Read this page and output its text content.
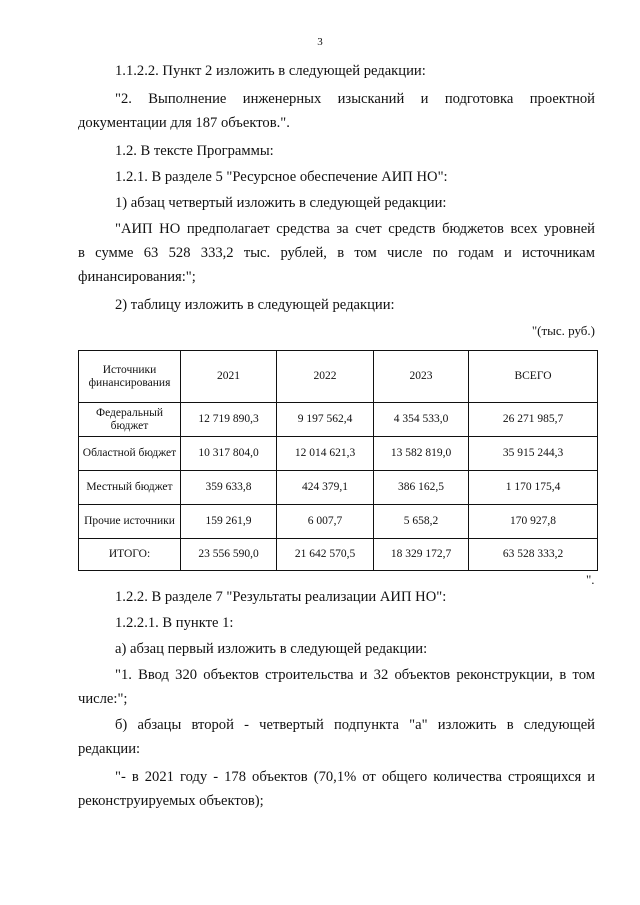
3
1.1.2.2. Пункт 2 изложить в следующей редакции:
"2. Выполнение инженерных изысканий и подготовка проектной
документации для 187 объектов.".
1.2. В тексте Программы:
1.2.1. В разделе 5 "Ресурсное обеспечение АИП НО":
1) абзац четвертый изложить в следующей редакции:
"АИП НО предполагает средства за счет средств бюджетов всех уровней
в сумме 63 528 333,2 тыс. рублей, в том числе по годам и источникам
финансирования:";
2) таблицу изложить в следующей редакции:
"(тыс. руб.)
Источники финансирования	2021	2022	2023	ВСЕГО
Федеральный бюджет	12 719 890,3	9 197 562,4	4 354 533,0	26 271 985,7
Областной бюджет	10 317 804,0	12 014 621,3	13 582 819,0	35 915 244,3
Местный бюджет	359 633,8	424 379,1	386 162,5	1 170 175,4
Прочие источники	159 261,9	6 007,7	5 658,2	170 927,8
ИТОГО:	23 556 590,0	21 642 570,5	18 329 172,7	63 528 333,2
".
1.2.2. В разделе 7 "Результаты реализации АИП НО":
1.2.2.1. В пункте 1:
а) абзац первый изложить в следующей редакции:
"1. Ввод 320 объектов строительства и 32 объектов реконструкции, в том
числе:";
б) абзацы второй - четвертый подпункта "а" изложить в следующей
редакции:
"- в 2021 году - 178 объектов (70,1% от общего количества строящихся и
реконструируемых объектов);
